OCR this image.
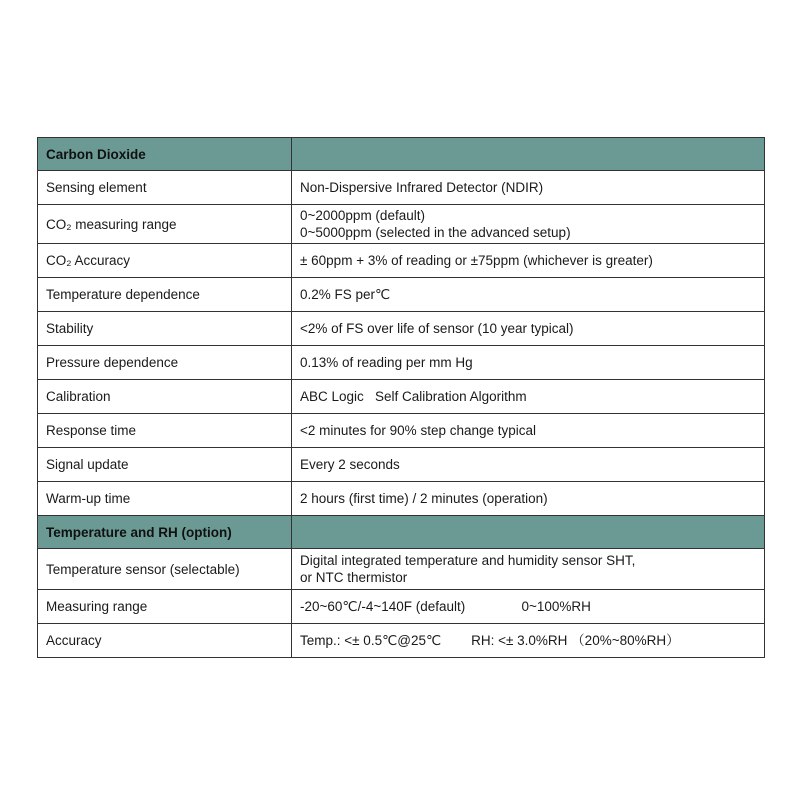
Carbon Dioxide	
Sensing element	Non-Dispersive Infrared Detector (NDIR)

CO₂ measuring range	0~2000ppm (default)
0~5000ppm (selected in the advanced setup)

CO₂ Accuracy	± 60ppm + 3% of reading or ±75ppm (whichever is greater)

Temperature dependence	0.2% FS per℃

Stability	<2% of FS over life of sensor (10 year typical)

Pressure dependence	0.13% of reading per mm Hg

Calibration	ABC Logic   Self Calibration Algorithm

Response time	<2 minutes for 90% step change typical

Signal update	Every 2 seconds

Warm-up time	2 hours (first time) / 2 minutes (operation)

Temperature and RH (option)	
Temperature sensor (selectable)	Digital integrated temperature and humidity sensor SHT,
or NTC thermistor

Measuring range	-20~60℃/-4~140F (default)               0~100%RH

Accuracy	Temp.: <± 0.5℃@25℃        RH: <± 3.0%RH （20%~80%RH）
